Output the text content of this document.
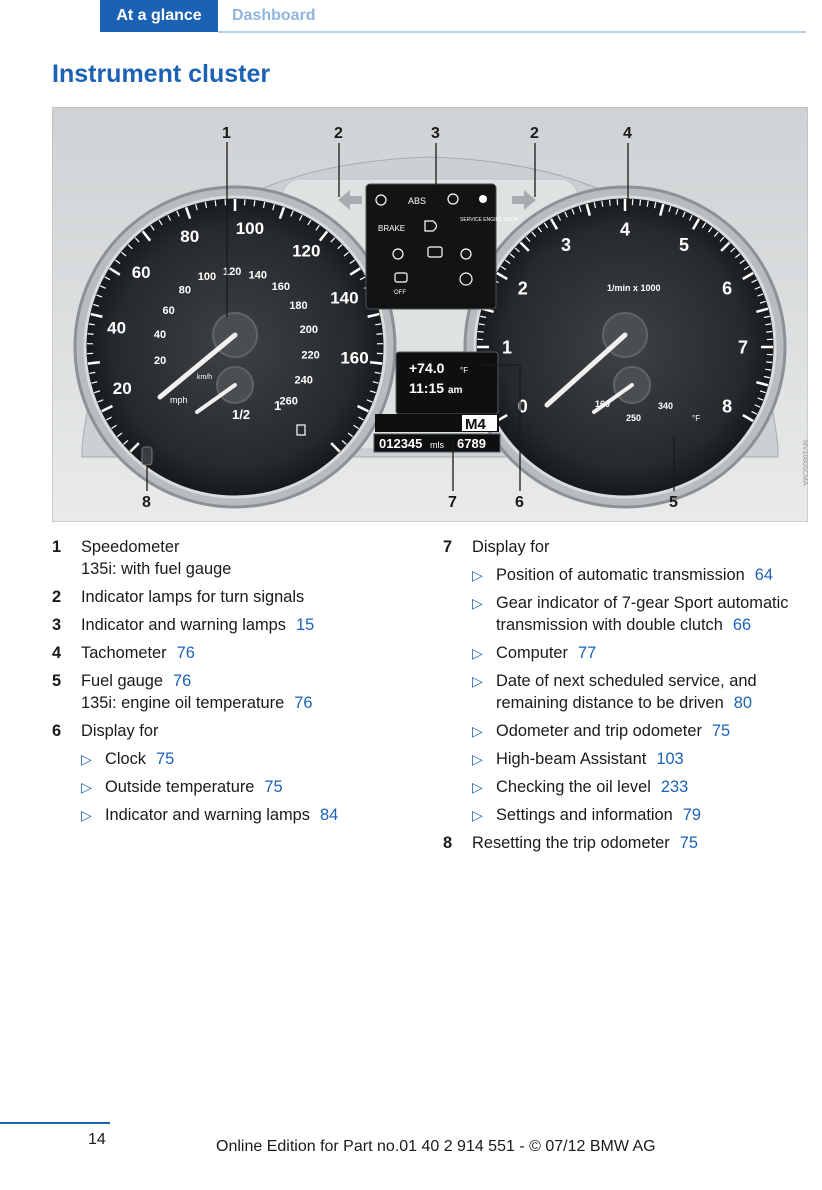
At a glance	Dashboard
Instrument cluster
20
40
60
80 100
120
140
160
20
40
60
80
100 120 140
160
180
200
220
240
260
km/h
mph
1/2
1	0
1
2
3
4
5
6
7
8
1/min x 1000
160
250
340
°F
ABS
BRAKE
SERVICE ENGINE SOON
OFF
+74.0 °F
11:15 am
M4
012345 mls 6789
1	2	3	2	4
8	7	6	5
MV10805CMA
1 Speedometer
135i: with fuel gauge
2 Indicator lamps for turn signals
3 Indicator and warning lamps 15
4 Tachometer 76
5 Fuel gauge 76
135i: engine oil temperature 76
6 Display for
▷ Clock 75
▷ Outside temperature 75
▷ Indicator and warning lamps 84
7 Display for
▷ Position of automatic transmission 64
▷ Gear indicator of 7-gear Sport automatic
transmission with double clutch 66
▷ Computer 77
▷ Date of next scheduled service, and
remaining distance to be driven 80
▷ Odometer and trip odometer 75
▷ High-beam Assistant 103
▷ Checking the oil level 233
▷ Settings and information 79
8 Resetting the trip odometer 75
14	Online Edition for Part no.01 40 2 914 551 - © 07/12 BMW AG
